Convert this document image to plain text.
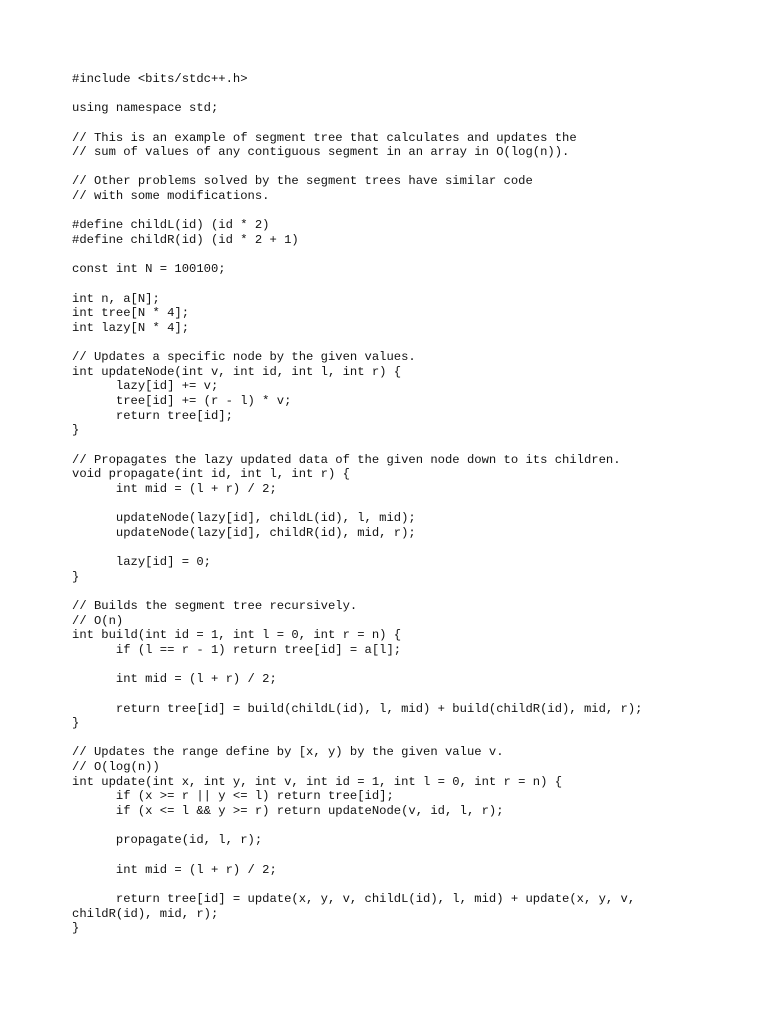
#include <bits/stdc++.h>
using namespace std;
// This is an example of segment tree that calculates and updates the
// sum of values of any contiguous segment in an array in O(log(n)).
// Other problems solved by the segment trees have similar code
// with some modifications.
#define childL(id) (id * 2)
#define childR(id) (id * 2 + 1)
const int N = 100100;
int n, a[N];
int tree[N * 4];
int lazy[N * 4];
// Updates a specific node by the given values.
int updateNode(int v, int id, int l, int r) {
lazy[id] += v;
tree[id] += (r - l) * v;
return tree[id];
}
// Propagates the lazy updated data of the given node down to its children.
void propagate(int id, int l, int r) {
int mid = (l + r) / 2;
updateNode(lazy[id], childL(id), l, mid);
updateNode(lazy[id], childR(id), mid, r);
lazy[id] = 0;
}
// Builds the segment tree recursively.
// O(n)
int build(int id = 1, int l = 0, int r = n) {
if (l == r - 1) return tree[id] = a[l];
int mid = (l + r) / 2;
return tree[id] = build(childL(id), l, mid) + build(childR(id), mid, r);
}
// Updates the range define by [x, y) by the given value v.
// O(log(n))
int update(int x, int y, int v, int id = 1, int l = 0, int r = n) {
if (x >= r || y <= l) return tree[id];
if (x <= l && y >= r) return updateNode(v, id, l, r);
propagate(id, l, r);
int mid = (l + r) / 2;
return tree[id] = update(x, y, v, childL(id), l, mid) + update(x, y, v,
childR(id), mid, r);
}
